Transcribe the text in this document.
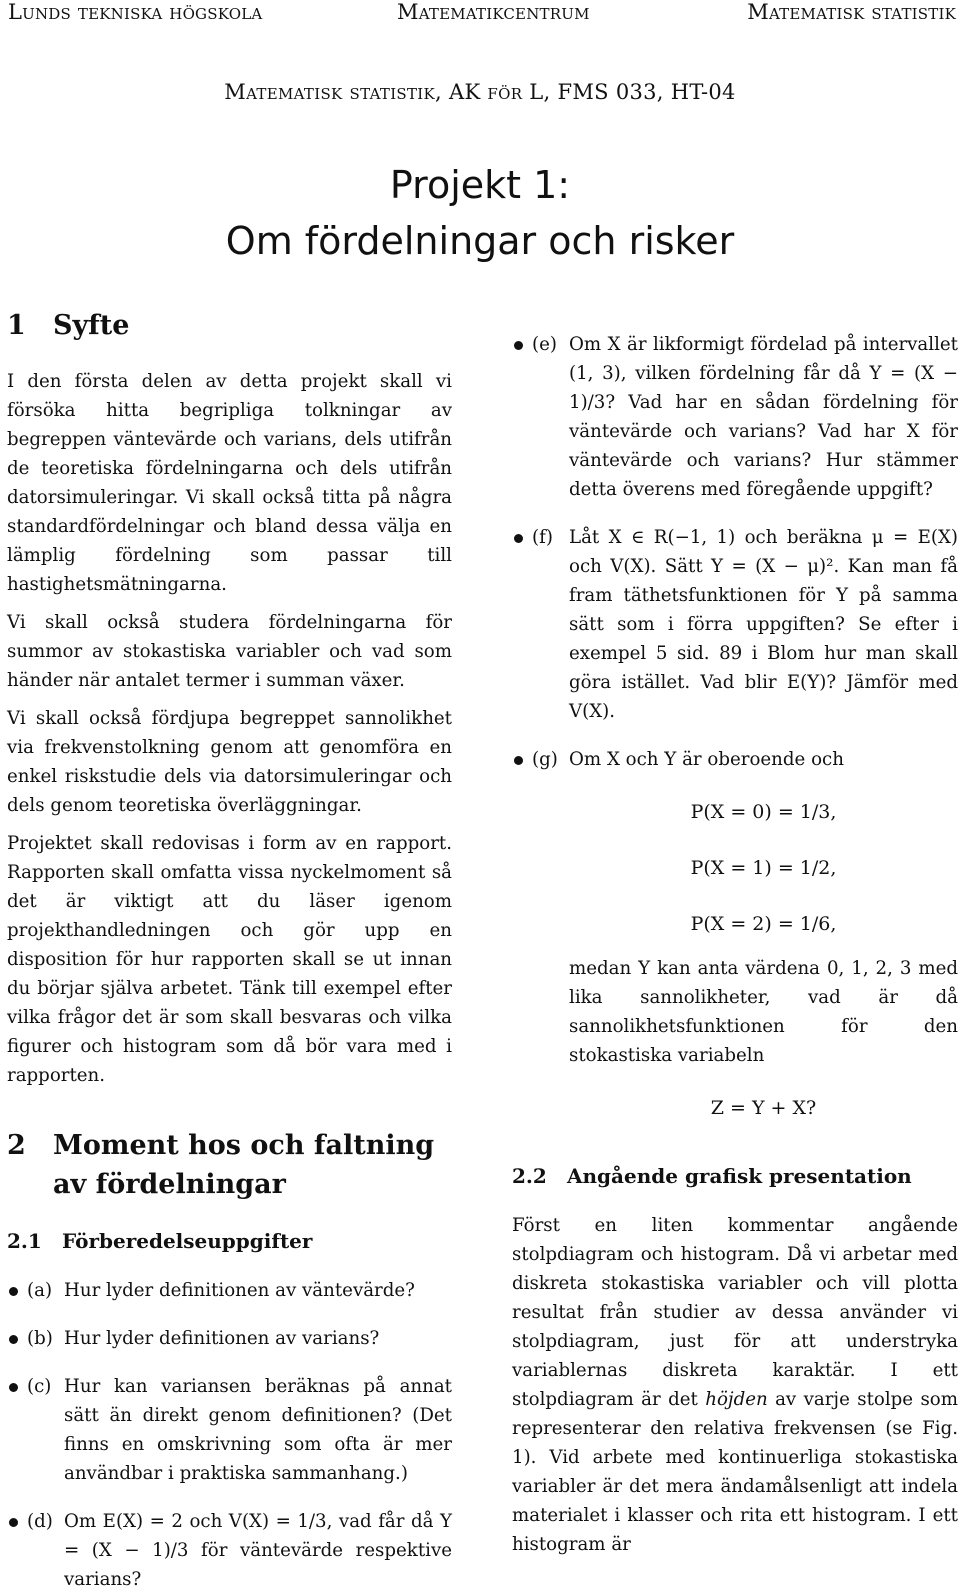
Lunds tekniska högskola	Matematikcentrum	Matematisk statistik
Matematisk statistik, AK för L, FMS 033, HT-04
Projekt 1:
Om fördelningar och risker
1	Syfte

I den första delen av detta projekt skall vi försöka hitta begripliga tolkningar av begreppen väntevärde och varians, dels utifrån de teoretiska fördelningarna och dels utifrån datorsimuleringar. Vi skall också titta på några standardfördelningar och bland dessa välja en lämplig fördelning som passar till hastighetsmätningarna.

Vi skall också studera fördelningarna för summor av stokastiska variabler och vad som händer när antalet termer i summan växer.

Vi skall också fördjupa begreppet sannolikhet via frekvenstolkning genom att genomföra en enkel riskstudie dels via datorsimuleringar och dels genom teoretiska överläggningar.

Projektet skall redovisas i form av en rapport. Rapporten skall omfatta vissa nyckelmoment så det är viktigt att du läser igenom projekthandledningen och gör upp en disposition för hur rapporten skall se ut innan du börjar själva arbetet. Tänk till exempel efter vilka frågor det är som skall besvaras och vilka figurer och histogram som då bör vara med i rapporten.

2	Moment hos och faltning av fördelningar
2.1	Förberedelseuppgifter
(a) Hur lyder definitionen av väntevärde?
(b) Hur lyder definitionen av varians?
(c) Hur kan variansen beräknas på annat sätt än direkt genom definitionen? (Det finns en omskrivning som ofta är mer användbar i praktiska sammanhang.)
(d) Om E(X) = 2 och V(X) = 1/3, vad får då Y = (X − 1)/3 för väntevärde respektive varians?
(e) Om X är likformigt fördelad på intervallet (1, 3), vilken fördelning får då Y = (X − 1)/3? Vad har en sådan fördelning för väntevärde och varians? Vad har X för väntevärde och varians? Hur stämmer detta överens med föregående uppgift?
(f) Låt X ∈ R(−1, 1) och beräkna μ = E(X) och V(X). Sätt Y = (X − μ)². Kan man få fram täthetsfunktionen för Y på samma sätt som i förra uppgiften? Se efter i exempel 5 sid. 89 i Blom hur man skall göra istället. Vad blir E(Y)? Jämför med V(X).
(g) Om X och Y är oberoende och
P(X = 0) = 1/3,
P(X = 1) = 1/2,
P(X = 2) = 1/6,
medan Y kan anta värdena 0, 1, 2, 3 med lika sannolikheter, vad är då sannolikhetsfunktionen för den stokastiska variabeln
Z = Y + X?
2.2	Angående grafisk presentation

Först en liten kommentar angående stolpdiagram och histogram. Då vi arbetar med diskreta stokastiska variabler och vill plotta resultat från studier av dessa använder vi stolpdiagram, just för att understryka variablernas diskreta karaktär. I ett stolpdiagram är det höjden av varje stolpe som representerar den relativa frekvensen (se Fig. 1). Vid arbete med kontinuerliga stokastiska variabler är det mera ändamålsenligt att indela materialet i klasser och rita ett histogram. I ett histogram är
